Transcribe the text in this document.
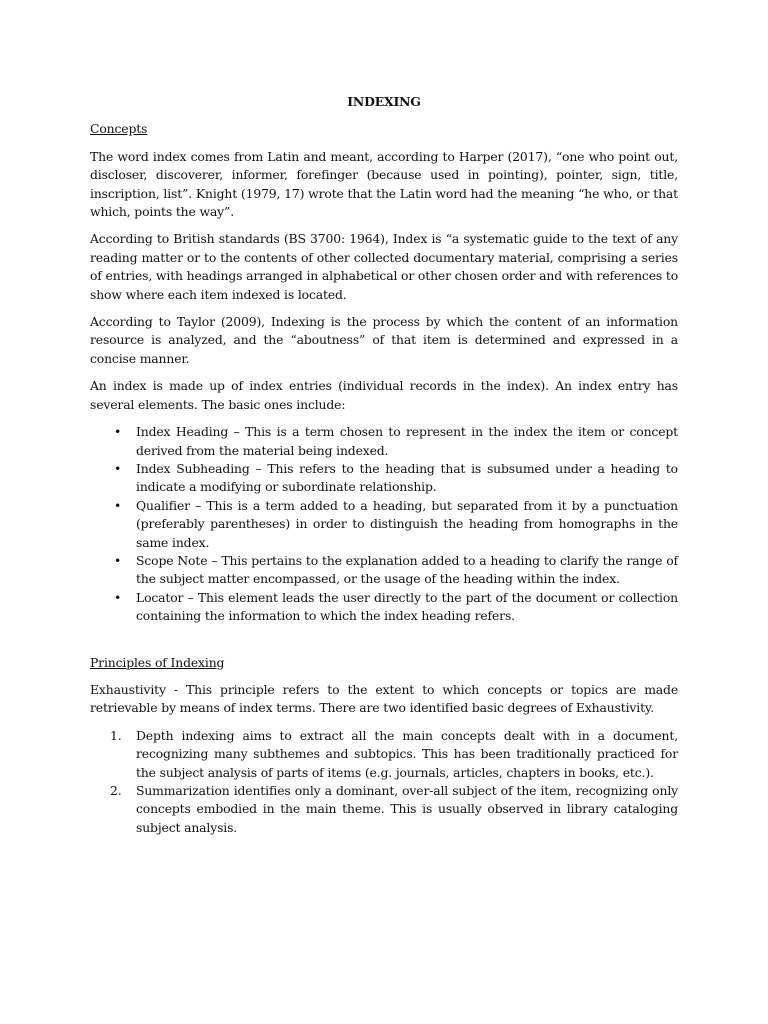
INDEXING
Concepts

The word index comes from Latin and meant, according to Harper (2017), “one who point out, discloser, discoverer, informer, forefinger (because used in pointing), pointer, sign, title, inscription, list”. Knight (1979, 17) wrote that the Latin word had the meaning “he who, or that which, points the way”.

According to British standards (BS 3700: 1964), Index is “a systematic guide to the text of any reading matter or to the contents of other collected documentary material, comprising a series of entries, with headings arranged in alphabetical or other chosen order and with references to show where each item indexed is located.

According to Taylor (2009), Indexing is the process by which the content of an information resource is analyzed, and the “aboutness” of that item is determined and expressed in a concise manner.

An index is made up of index entries (individual records in the index). An index entry has several elements. The basic ones include:

• Index Heading – This is a term chosen to represent in the index the item or concept derived from the material being indexed.
• Index Subheading – This refers to the heading that is subsumed under a heading to indicate a modifying or subordinate relationship.
• Qualifier – This is a term added to a heading, but separated from it by a punctuation (preferably parentheses) in order to distinguish the heading from homographs in the same index.
• Scope Note – This pertains to the explanation added to a heading to clarify the range of the subject matter encompassed, or the usage of the heading within the index.
• Locator – This element leads the user directly to the part of the document or collection containing the information to which the index heading refers.
Principles of Indexing

Exhaustivity - This principle refers to the extent to which concepts or topics are made retrievable by means of index terms. There are two identified basic degrees of Exhaustivity.

1. Depth indexing aims to extract all the main concepts dealt with in a document, recognizing many subthemes and subtopics. This has been traditionally practiced for the subject analysis of parts of items (e.g. journals, articles, chapters in books, etc.).
2. Summarization identifies only a dominant, over-all subject of the item, recognizing only concepts embodied in the main theme. This is usually observed in library cataloging subject analysis.
